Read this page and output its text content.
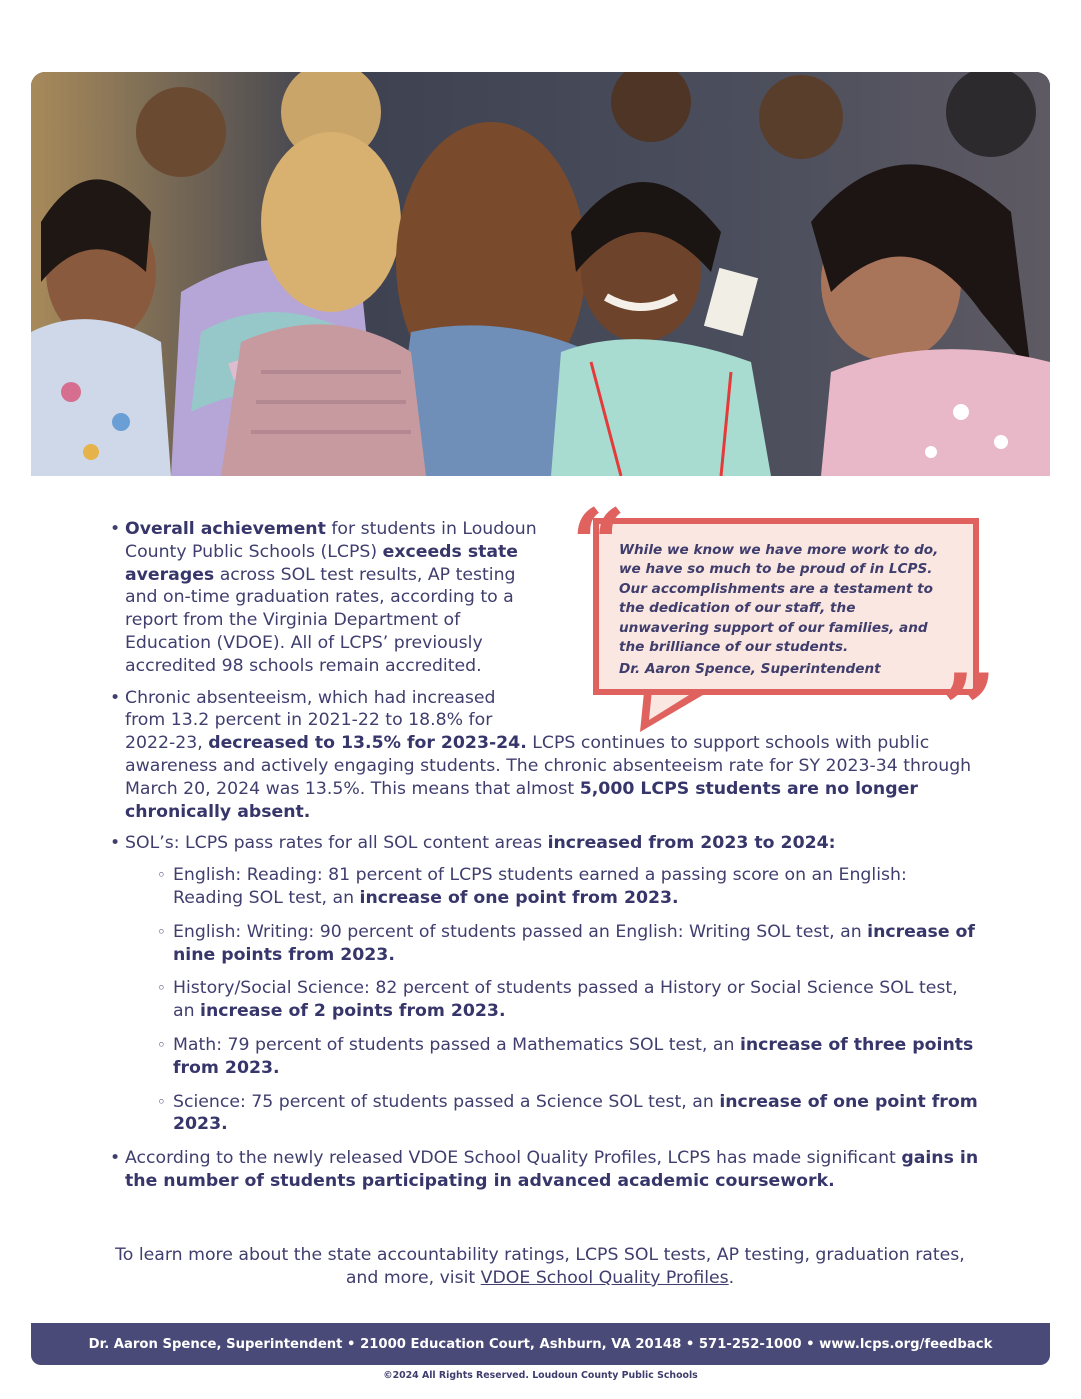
• Overall achievement for students in Loudoun County Public Schools (LCPS) exceeds state averages across SOL test results, AP testing and on-time graduation rates, according to a report from the Virginia Department of Education (VDOE). All of LCPS’ previously accredited 98 schools remain accredited.
• Chronic absenteeism, which had increased from 13.2 percent in 2021-22 to 18.8% for 2022-23, decreased to 13.5% for 2023-24. LCPS continues to support schools with public awareness and actively engaging students. The chronic absenteeism rate for SY 2023-34 through March 20, 2024 was 13.5%. This means that almost 5,000 LCPS students are no longer chronically absent.
• SOL’s: LCPS pass rates for all SOL content areas increased from 2023 to 2024:
◦ English: Reading: 81 percent of LCPS students earned a passing score on an English: Reading SOL test, an increase of one point from 2023.
◦ English: Writing: 90 percent of students passed an English: Writing SOL test, an increase of nine points from 2023.
◦ History/Social Science: 82 percent of students passed a History or Social Science SOL test, an increase of 2 points from 2023.
◦ Math: 79 percent of students passed a Mathematics SOL test, an increase of three points from 2023.
◦ Science: 75 percent of students passed a Science SOL test, an increase of one point from 2023.
• According to the newly released VDOE School Quality Profiles, LCPS has made significant gains in the number of students participating in advanced academic coursework.
“
”
While we know we have more work to do, we have so much to be proud of in LCPS. Our accomplishments are a testament to the dedication of our staff, the unwavering support of our families, and the brilliance of our students.
Dr. Aaron Spence, Superintendent
To learn more about the state accountability ratings, LCPS SOL tests, AP testing, graduation rates, and more, visit VDOE School Quality Profiles.
Dr. Aaron Spence, Superintendent • 21000 Education Court, Ashburn, VA 20148 • 571-252-1000 • www.lcps.org/feedback
©2024 All Rights Reserved. Loudoun County Public Schools
